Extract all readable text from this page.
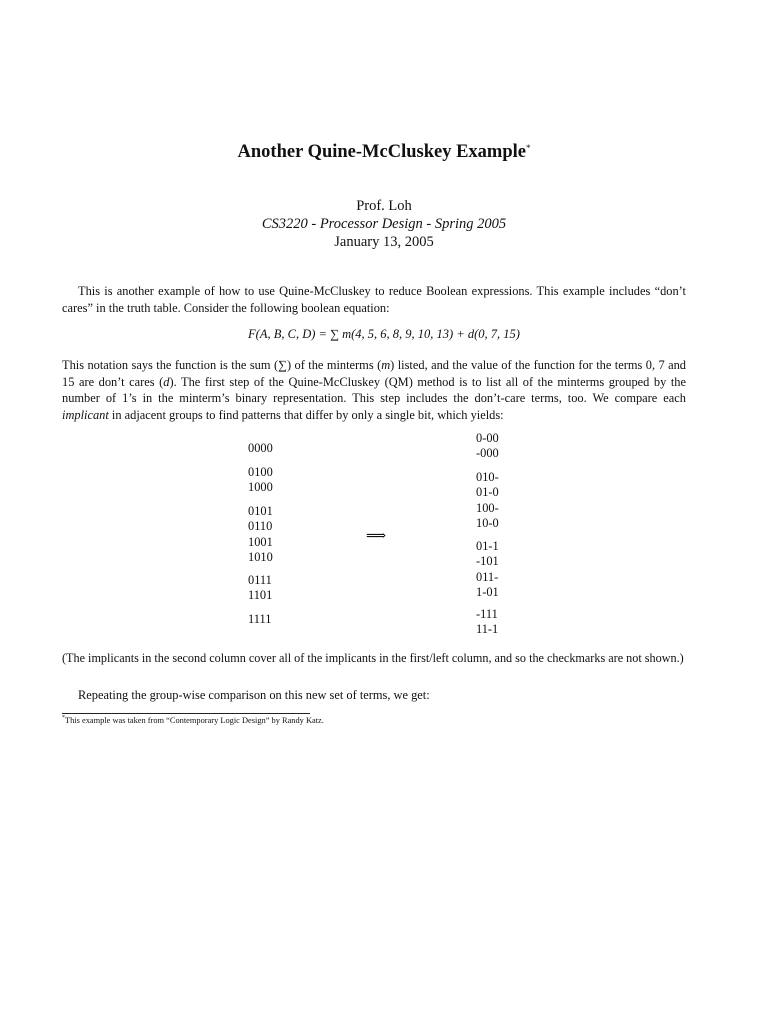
Another Quine-McCluskey Example*
Prof. Loh
CS3220 - Processor Design - Spring 2005
January 13, 2005
This is another example of how to use Quine-McCluskey to reduce Boolean expressions. This example includes “don’t cares” in the truth table. Consider the following boolean equation:
F(A, B, C, D) = ∑ m(4, 5, 6, 8, 9, 10, 13) + d(0, 7, 15)
This notation says the function is the sum (∑) of the minterms (m) listed, and the value of the function for the terms 0, 7 and 15 are don’t cares (d). The first step of the Quine-McCluskey (QM) method is to list all of the minterms grouped by the number of 1’s in the minterm’s binary representation. This step includes the don’t-care terms, too. We compare each implicant in adjacent groups to find patterns that differ by only a single bit, which yields:
0000
0100
1000
0101
0110
1001
1010
0111
1101
1111
⟹
0-00
-000
010-
01-0
100-
10-0
01-1
-101
011-
1-01
-111
11-1
(The implicants in the second column cover all of the implicants in the first/left column, and so the checkmarks are not shown.)
Repeating the group-wise comparison on this new set of terms, we get:
*This example was taken from “Contemporary Logic Design” by Randy Katz.
